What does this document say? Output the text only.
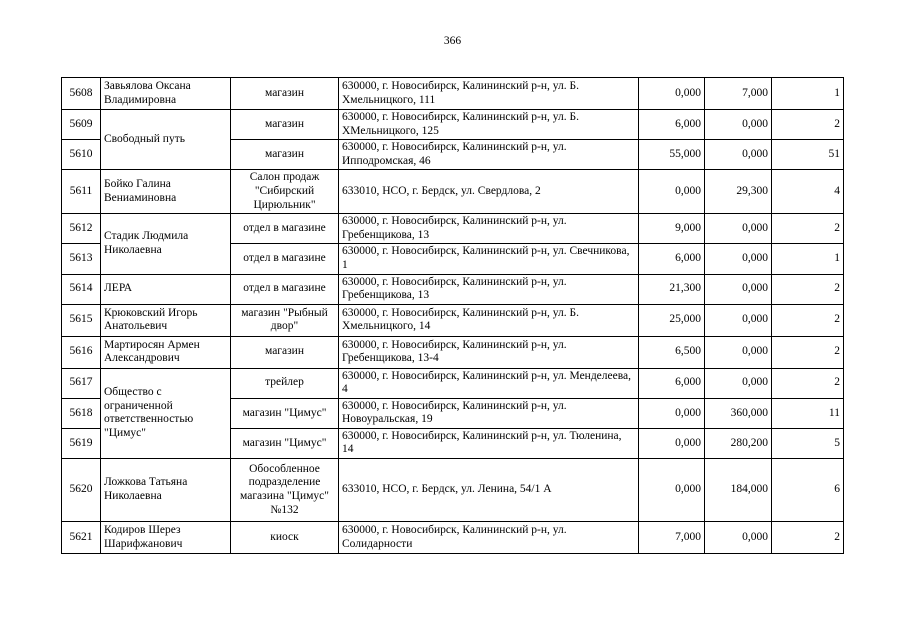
366
5608	Завьялова Оксана Владимировна	магазин	630000, г. Новосибирск, Калининский р-н, ул. Б. Хмельницкого, 111	0,000	7,000	1
5609	Свободный путь	магазин	630000, г. Новосибирск, Калининский р-н, ул. Б. ХМельницкого, 125	6,000	0,000	2
5610		магазин	630000, г. Новосибирск, Калининский р-н, ул. Ипподромская, 46	55,000	0,000	51
5611	Бойко Галина Вениаминовна	Салон продаж "Сибирский Цирюльник"	633010, НСО, г. Бердск, ул. Свердлова, 2	0,000	29,300	4
5612	Стадик Людмила Николаевна	отдел в магазине	630000, г. Новосибирск, Калининский р-н, ул. Гребенщикова, 13	9,000	0,000	2
5613		отдел в магазине	630000, г. Новосибирск, Калининский р-н, ул. Свечникова, 1	6,000	0,000	1
5614	ЛЕРА	отдел в магазине	630000, г. Новосибирск, Калининский р-н, ул. Гребенщикова, 13	21,300	0,000	2
5615	Крюковский Игорь Анатольевич	магазин "Рыбный двор"	630000, г. Новосибирск, Калининский р-н, ул. Б. Хмельницкого, 14	25,000	0,000	2
5616	Мартиросян Армен Александрович	магазин	630000, г. Новосибирск, Калининский р-н, ул. Гребенщикова, 13-4	6,500	0,000	2
5617	Общество с ограниченной ответственностью "Цимус"	трейлер	630000, г. Новосибирск, Калининский р-н, ул. Менделеева, 4	6,000	0,000	2
5618		магазин "Цимус"	630000, г. Новосибирск, Калининский р-н, ул. Новоуральская, 19	0,000	360,000	11
5619		магазин "Цимус"	630000, г. Новосибирск, Калининский р-н, ул. Тюленина, 14	0,000	280,200	5
5620	Ложкова Татьяна Николаевна	Обособленное подразделение магазина "Цимус" №132	633010, НСО, г. Бердск, ул. Ленина, 54/1 А	0,000	184,000	6
5621	Кодиров Шерез Шарифжанович	киоск	630000, г. Новосибирск, Калининский р-н, ул. Солидарности	7,000	0,000	2
